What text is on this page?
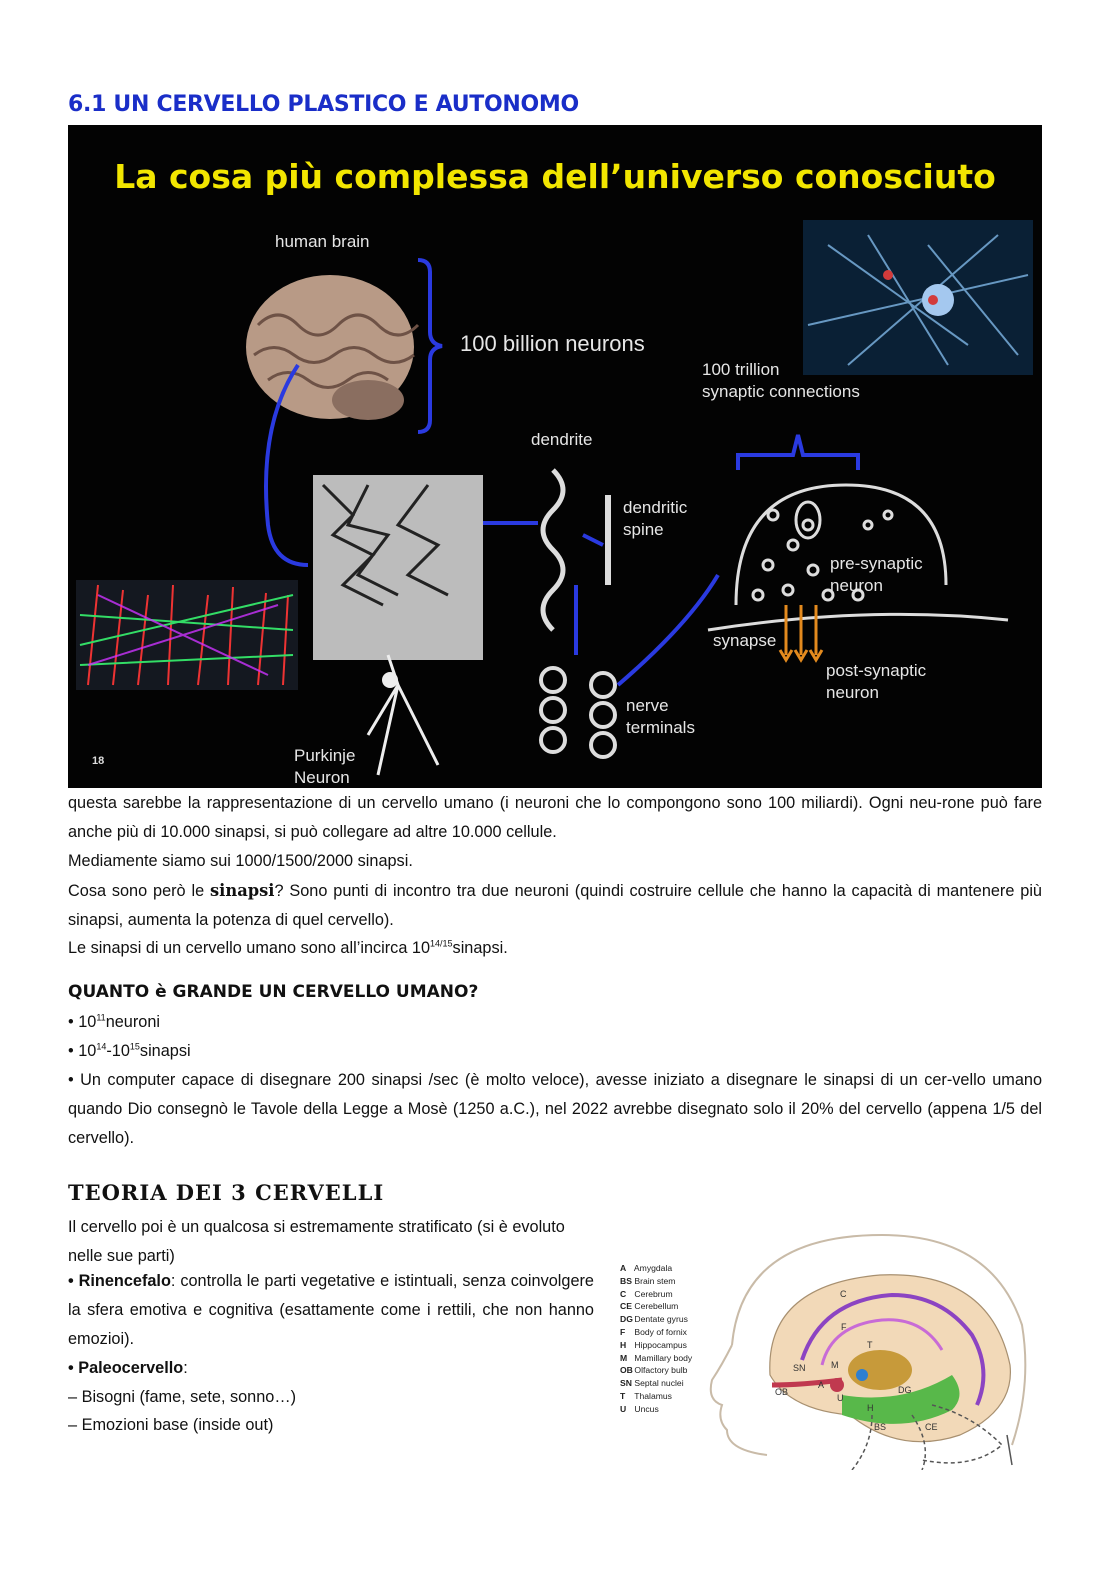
6.1 UN CERVELLO PLASTICO E AUTONOMO
La cosa più complessa dell’universo conosciuto
human brain
100 billion neurons
100 trillion
synaptic connections
dendrite
dendritic
spine
pre-synaptic
neuron
synapse
post-synaptic
neuron
nerve
terminals
Purkinje
Neuron
18

questa sarebbe la rappresentazione di un cervello umano (i neuroni che lo compongono sono 100 miliardi). Ogni neu-rone può fare anche più di 10.000 sinapsi, si può collegare ad altre 10.000 cellule.

Mediamente siamo sui 1000/1500/2000 sinapsi.

Cosa sono però le sinapsi? Sono punti di incontro tra due neuroni (quindi costruire cellule che hanno la capacità di mantenere più sinapsi, aumenta la potenza di quel cervello).

Le sinapsi di un cervello umano sono all’incirca $10^{14/15}sinapsi$.

QUANTO è GRANDE UN CERVELLO UMANO?

• $10^{11}neuroni$

• $10^{14}-10^{15}sinapsi$

• Un computer capace di disegnare 200 sinapsi /sec (è molto veloce), avesse iniziato a disegnare le sinapsi di un cer-vello umano quando Dio consegnò le Tavole della Legge a Mosè (1250 a.C.), nel 2022 avrebbe disegnato solo il 20% del cervello (appena 1/5 del cervello).

TEORIA DEI 3 CERVELLI

Il cervello poi è un qualcosa si estremamente stratificato (si è evoluto nelle sue parti)

• Rinencefalo: controlla le parti vegetative e istintuali, senza coinvolgere la sfera emotiva e cognitiva (esattamente come i rettili, che non hanno emozioi).

• Paleocervello:

– Bisogni (fame, sete, sonno…)

– Emozioni base (inside out)

C
F
SN	M
T
OB
A
U
H
DG
BS	CE
A Amygdala
BS Brain stem
C Cerebrum
CE Cerebellum
DG Dentate gyrus
F Body of fornix
H Hippocampus
M Mamillary body
OB Olfactory bulb
SN Septal nuclei
T Thalamus
U Uncus
